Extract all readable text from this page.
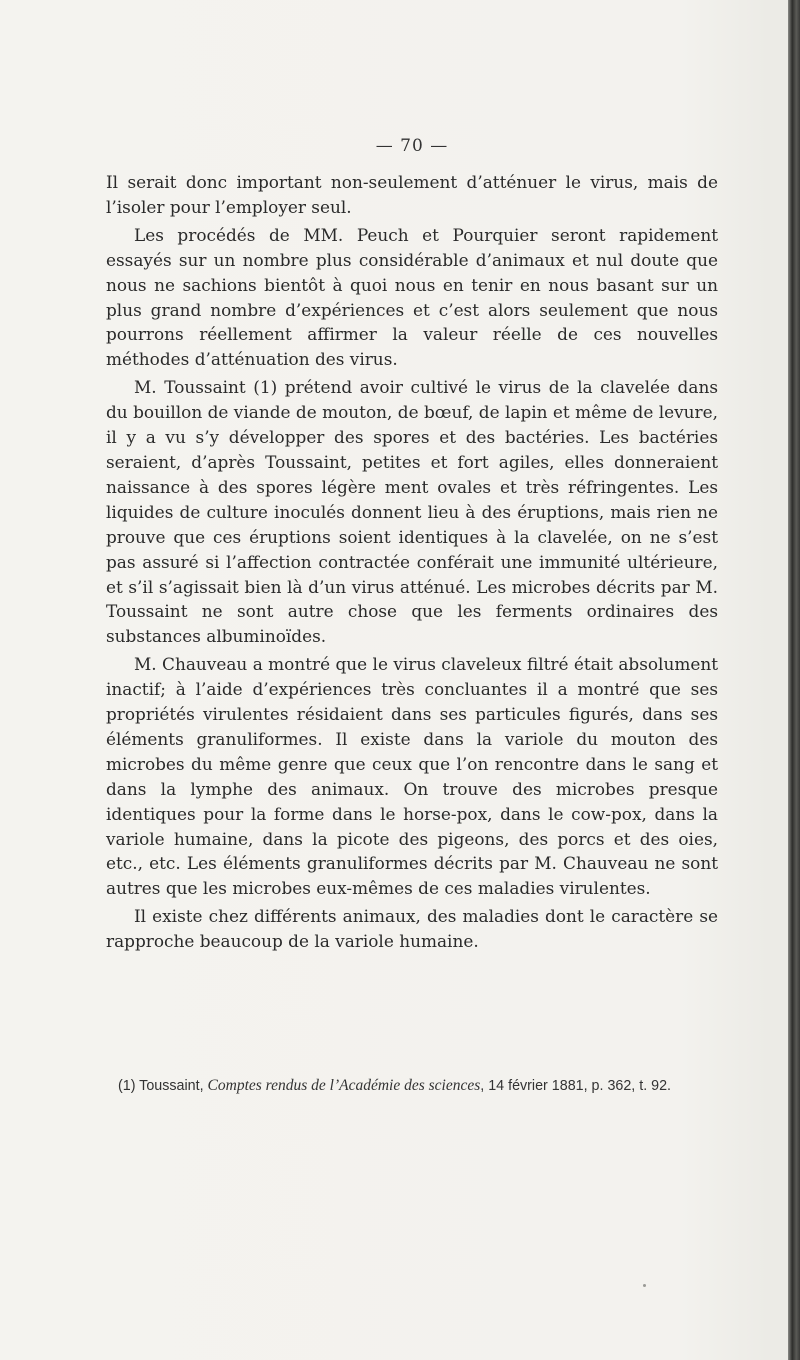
— 70 —

Il serait donc important non-seulement d’atténuer le virus, mais de l’isoler pour l’employer seul.

Les procédés de MM. Peuch et Pourquier seront rapidement essayés sur un nombre plus considérable d’animaux et nul doute que nous ne sachions bientôt à quoi nous en tenir en nous basant sur un plus grand nombre d’expériences et c’est alors seulement que nous pourrons réellement affirmer la valeur réelle de ces nouvelles méthodes d’atténuation des virus.

M. Toussaint (1) prétend avoir cultivé le virus de la clavelée dans du bouillon de viande de mouton, de bœuf, de lapin et même de levure, il y a vu s’y développer des spores et des bactéries. Les bactéries seraient, d’après Toussaint, petites et fort agiles, elles donneraient naissance à des spores légère ment ovales et très réfringentes. Les liquides de culture inoculés donnent lieu à des éruptions, mais rien ne prouve que ces éruptions soient identiques à la clavelée, on ne s’est pas assuré si l’affection contractée conférait une immunité ultérieure, et s’il s’agissait bien là d’un virus atténué. Les microbes décrits par M. Toussaint ne sont autre chose que les ferments ordinaires des substances albuminoïdes.

M. Chauveau a montré que le virus claveleux filtré était absolument inactif; à l’aide d’expériences très concluantes il a montré que ses propriétés virulentes résidaient dans ses particules figurés, dans ses éléments granuliformes. Il existe dans la variole du mouton des microbes du même genre que ceux que l’on rencontre dans le sang et dans la lymphe des animaux. On trouve des microbes presque identiques pour la forme dans le horse-pox, dans le cow-pox, dans la variole humaine, dans la picote des pigeons, des porcs et des oies, etc., etc. Les éléments granuliformes décrits par M. Chauveau ne sont autres que les microbes eux-mêmes de ces maladies virulentes.

Il existe chez différents animaux, des maladies dont le caractère se rapproche beaucoup de la variole humaine.

(1) Toussaint, Comptes rendus de l’Académie des sciences, 14 février 1881, p. 362, t. 92.
